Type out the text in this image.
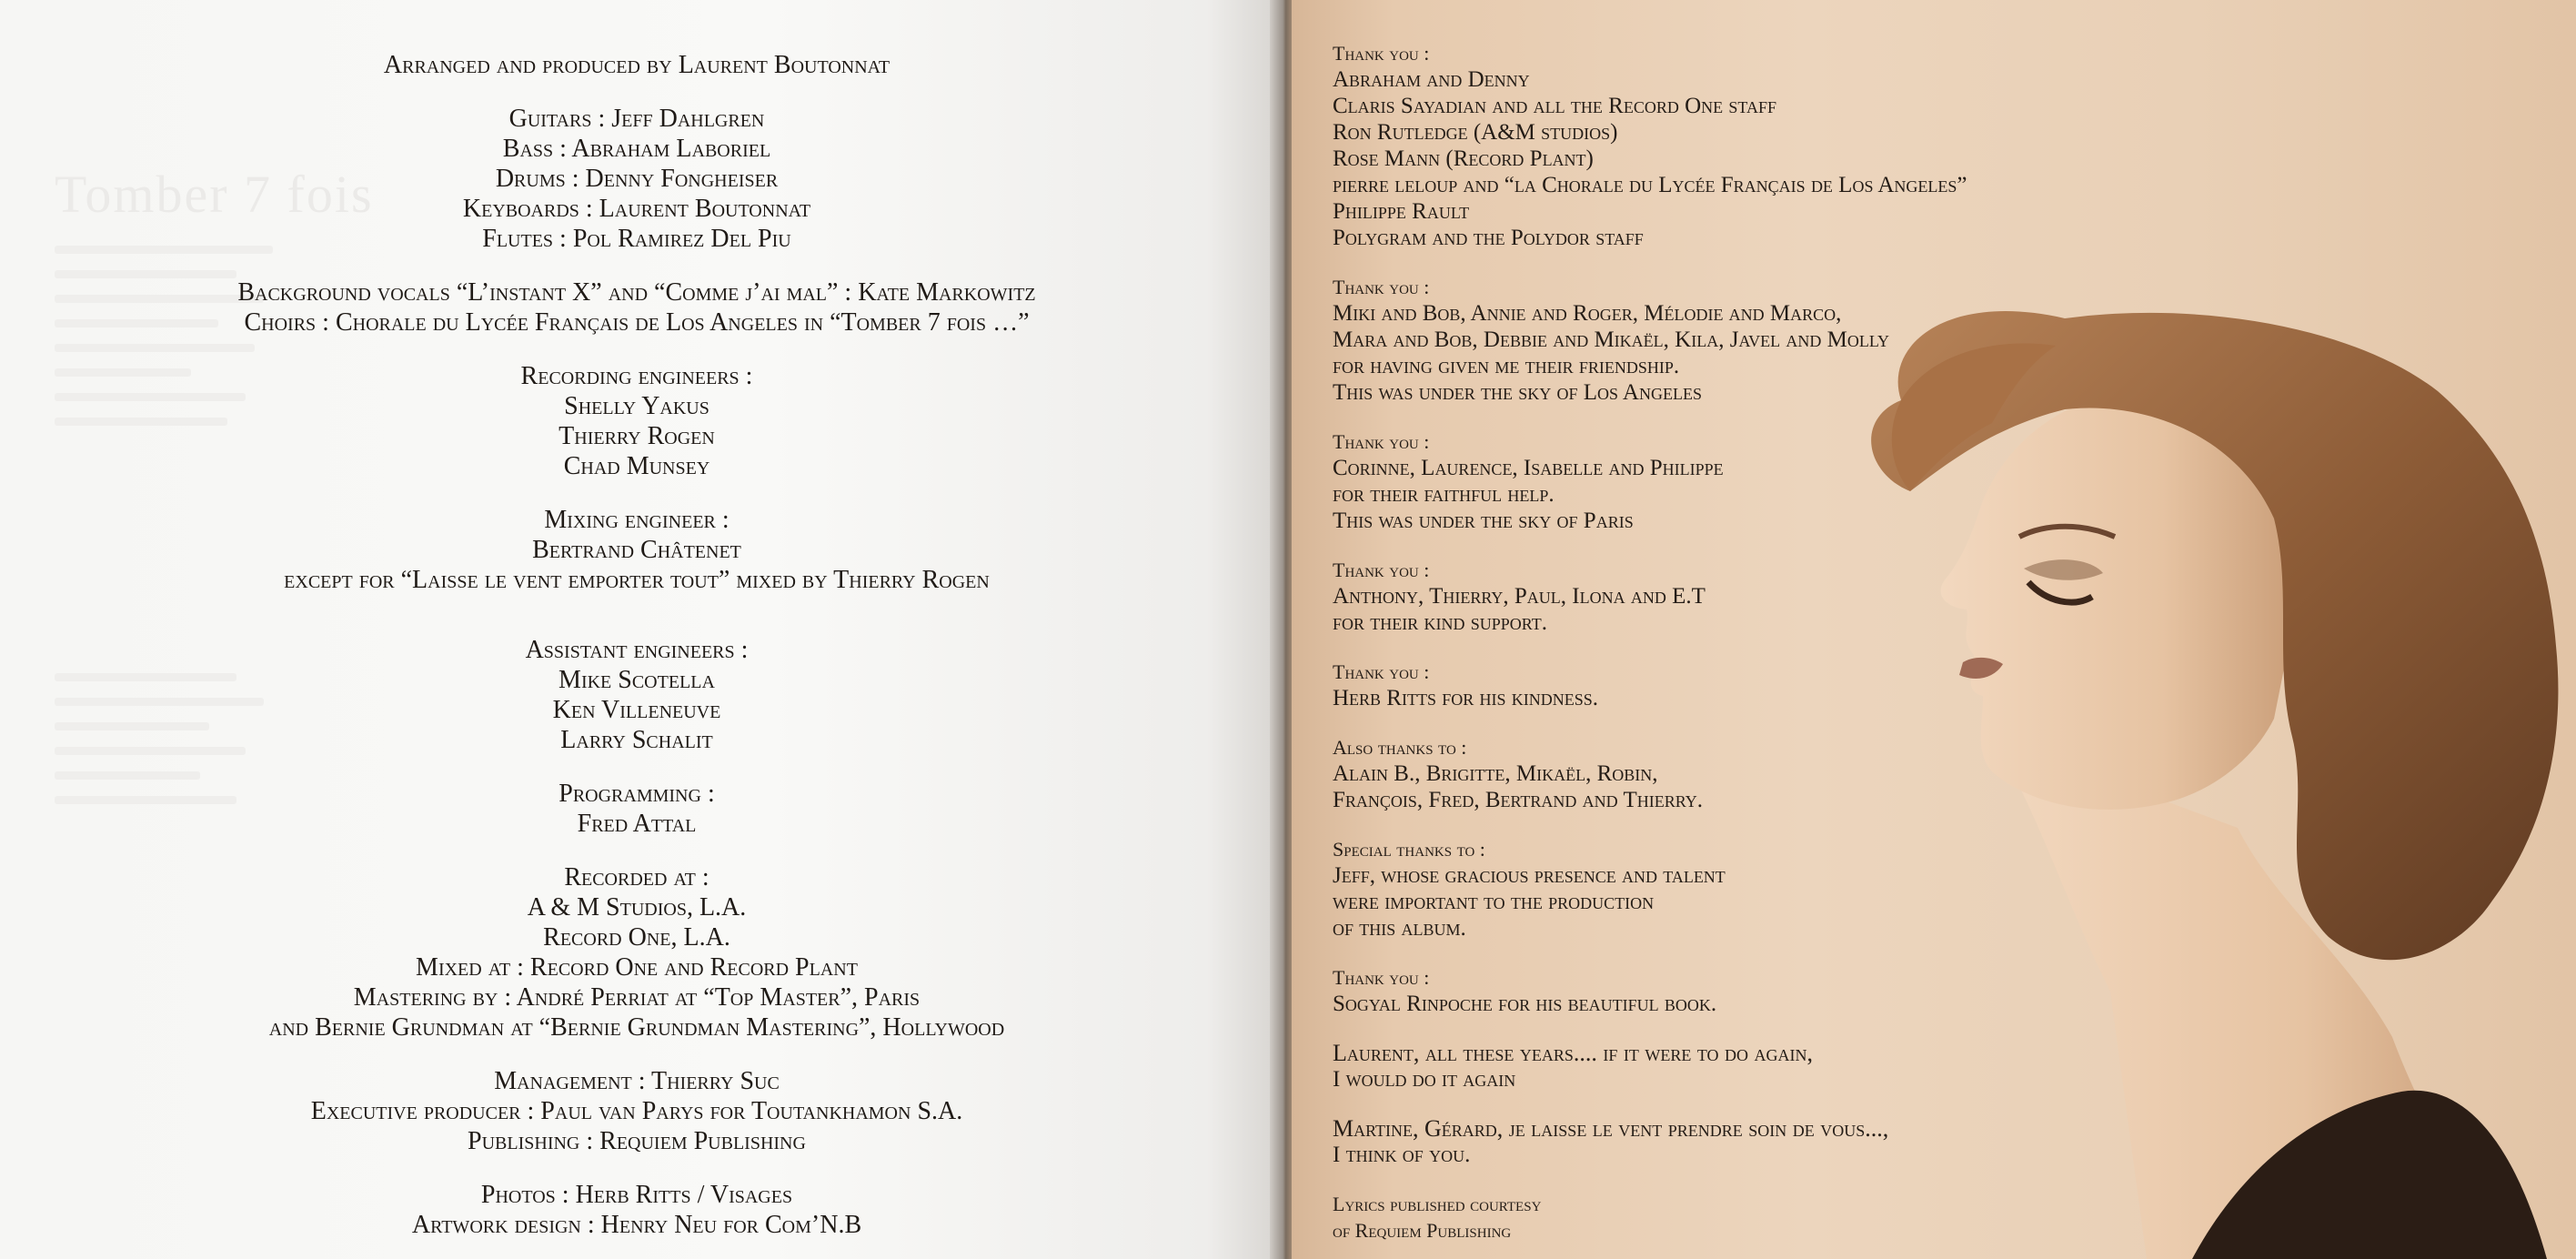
Tomber 7 fois
Arranged and produced by Laurent Boutonnat
Guitars : Jeff Dahlgren
Bass : Abraham Laboriel
Drums : Denny Fongheiser
Keyboards : Laurent Boutonnat
Flutes : Pol Ramirez Del Piu
Background vocals “L’instant X” and “Comme j’ai mal” : Kate Markowitz
Choirs : Chorale du Lycée Français de Los Angeles in “Tomber 7 fois …”
Recording engineers :
Shelly Yakus
Thierry Rogen
Chad Munsey
Mixing engineer :
Bertrand Châtenet
except for “Laisse le vent emporter tout” mixed by Thierry Rogen
Assistant engineers :
Mike Scotella
Ken Villeneuve
Larry Schalit
Programming :
Fred Attal
Recorded at :
A & M Studios, L.A.
Record One, L.A.
Mixed at : Record One and Record Plant
Mastering by : André Perriat at “Top Master”, Paris
and Bernie Grundman at “Bernie Grundman Mastering”, Hollywood
Management : Thierry Suc
Executive producer : Paul van Parys for Toutankhamon S.A.
Publishing : Requiem Publishing
Photos : Herb Ritts / Visages
Artwork design : Henry Neu for Com’N.B
Thank you :
Abraham and Denny
Claris Sayadian and all the Record One staff
Ron Rutledge (A&M studios)
Rose Mann (Record Plant)
pierre leloup and “la Chorale du Lycée Français de Los Angeles”
Philippe Rault
Polygram and the Polydor staff
Thank you :
Miki and Bob, Annie and Roger, Mélodie and Marco,
Mara and Bob, Debbie and Mikaël, Kila, Javel and Molly
for having given me their friendship.
This was under the sky of Los Angeles
Thank you :
Corinne, Laurence, Isabelle and Philippe
for their faithful help.
This was under the sky of Paris
Thank you :
Anthony, Thierry, Paul, Ilona and E.T
for their kind support.
Thank you :
Herb Ritts for his kindness.
Also thanks to :
Alain B., Brigitte, Mikaël, Robin,
François, Fred, Bertrand and Thierry.
Special thanks to :
Jeff, whose gracious presence and talent
were important to the production
of this album.
Thank you :
Sogyal Rinpoche for his beautiful book.
Laurent, all these years.... if it were to do again,
I would do it again
Martine, Gérard, je laisse le vent prendre soin de vous...,
I think of you.
Lyrics published courtesy
of Requiem Publishing
